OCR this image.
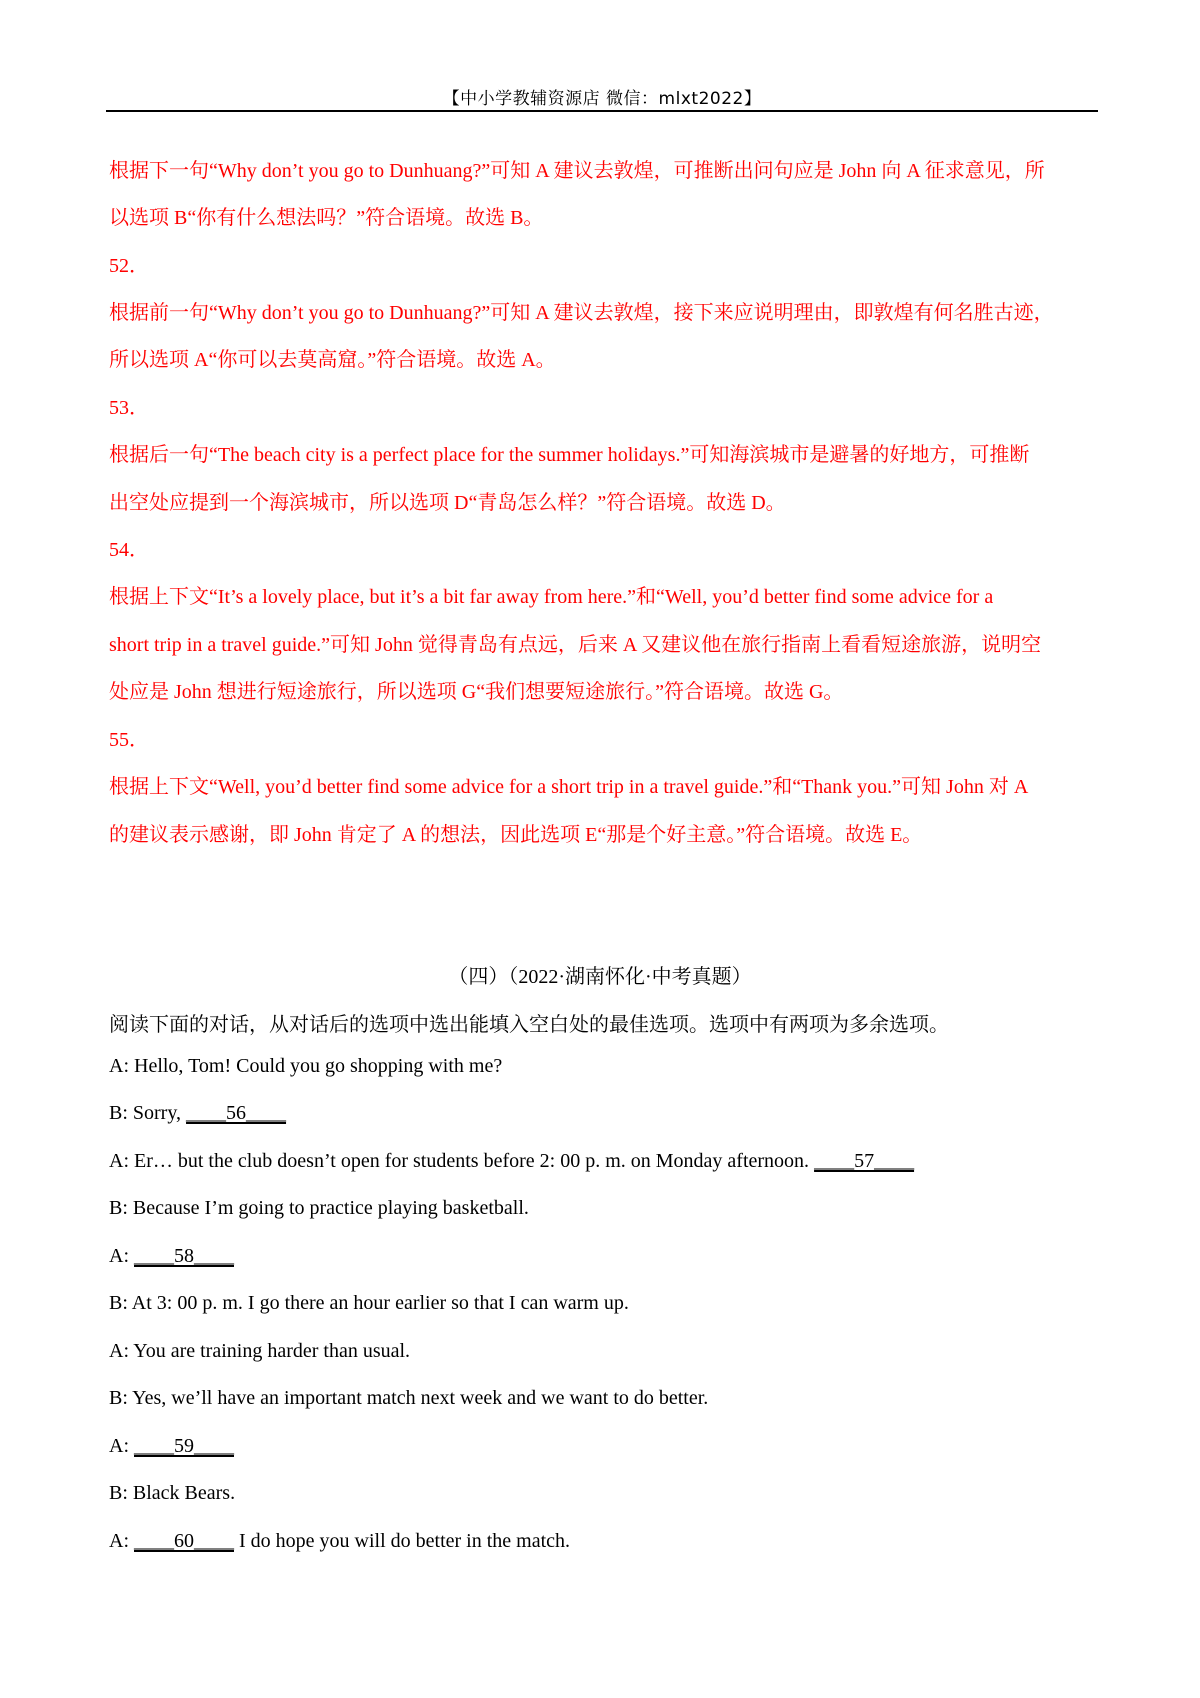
【中小学教辅资源店 微信：mlxt2022】
根据下一句“Why don’t you go to Dunhuang?”可知 A 建议去敦煌，可推断出问句应是 John 向 A 征求意见，所
以选项 B“你有什么想法吗？”符合语境。故选 B。
52．
根据前一句“Why don’t you go to Dunhuang?”可知 A 建议去敦煌，接下来应说明理由，即敦煌有何名胜古迹，
所以选项 A“你可以去莫高窟。”符合语境。故选 A。
53．
根据后一句“The beach city is a perfect place for the summer holidays.”可知海滨城市是避暑的好地方，可推断
出空处应提到一个海滨城市，所以选项 D“青岛怎么样？”符合语境。故选 D。
54．
根据上下文“It’s a lovely place, but it’s a bit far away from here.”和“Well, you’d better find some advice for a
short trip in a travel guide.”可知 John 觉得青岛有点远，后来 A 又建议他在旅行指南上看看短途旅游，说明空
处应是 John 想进行短途旅行，所以选项 G“我们想要短途旅行。”符合语境。故选 G。
55．
根据上下文“Well, you’d better find some advice for a short trip in a travel guide.”和“Thank you.”可知 John 对 A
的建议表示感谢，即 John 肯定了 A 的想法，因此选项 E“那是个好主意。”符合语境。故选 E。
（四）（2022·湖南怀化·中考真题）
阅读下面的对话，从对话后的选项中选出能填入空白处的最佳选项。选项中有两项为多余选项。
A: Hello, Tom! Could you go shopping with me?
B: Sorry, ____56____
A: Er… but the club doesn’t open for students before 2: 00 p. m. on Monday afternoon. ____57____
B: Because I’m going to practice playing basketball.
A: ____58____
B: At 3: 00 p. m. I go there an hour earlier so that I can warm up.
A: You are training harder than usual.
B: Yes, we’ll have an important match next week and we want to do better.
A: ____59____
B: Black Bears.
A: ____60____ I do hope you will do better in the match.
